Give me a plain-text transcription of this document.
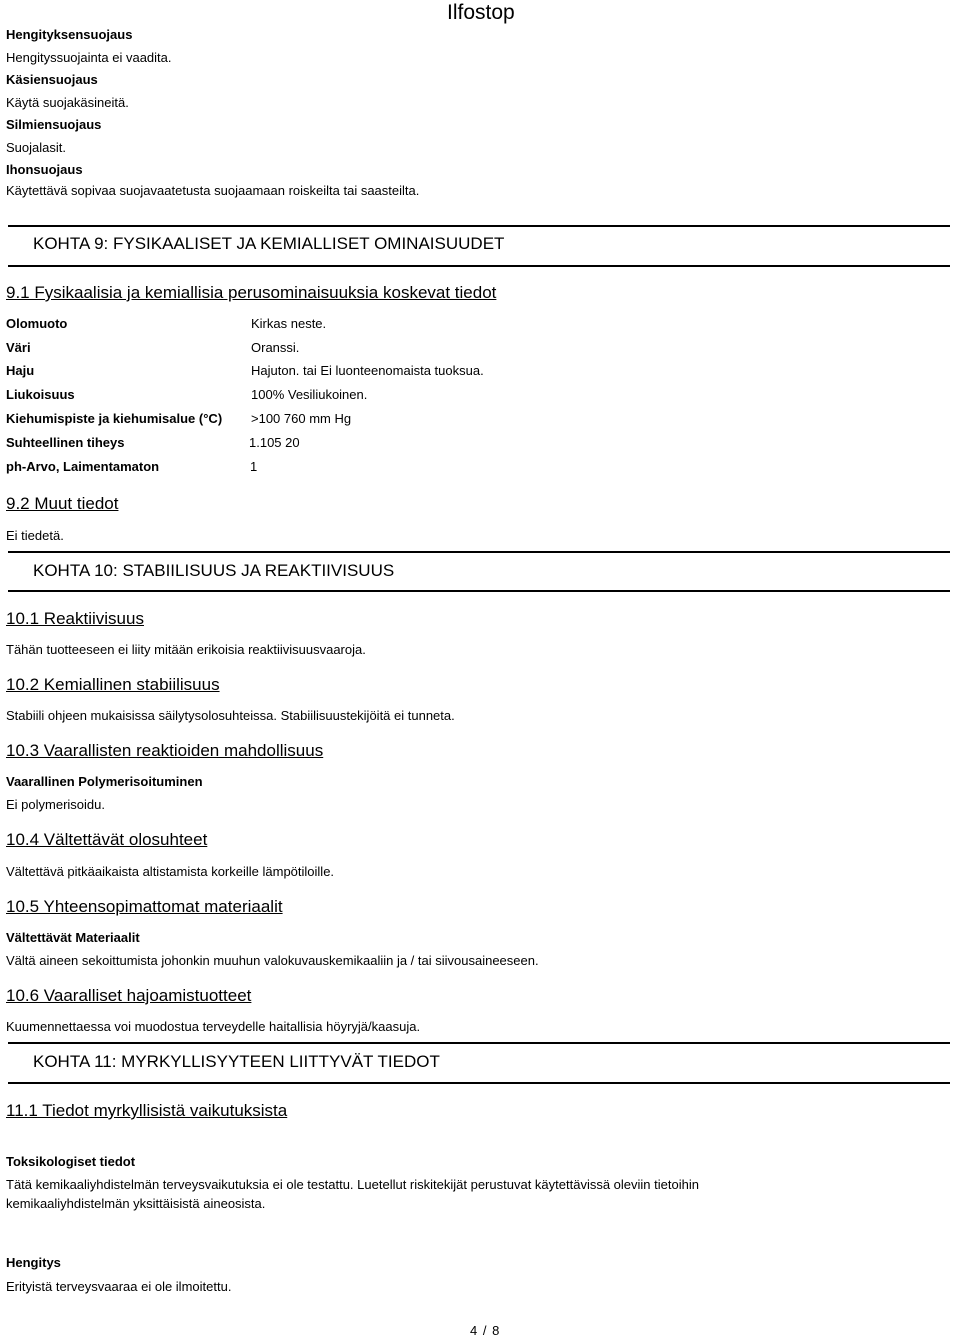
Ilfostop
Hengityksensuojaus
Hengityssuojainta ei vaadita.
Käsiensuojaus
Käytä suojakäsineitä.
Silmiensuojaus
Suojalasit.
Ihonsuojaus
Käytettävä sopivaa suojavaatetusta suojaamaan roiskeilta tai saasteilta.
KOHTA 9: FYSIKAALISET JA KEMIALLISET OMINAISUUDET
9.1 Fysikaalisia ja kemiallisia perusominaisuuksia koskevat tiedot
Olomuoto	Kirkas neste.
Väri	Oranssi.
Haju	Hajuton. tai Ei luonteenomaista tuoksua.
Liukoisuus	100% Vesiliukoinen.
Kiehumispiste ja kiehumisalue (°C) >100 760 mm Hg
Suhteellinen tiheys	1.105 20
ph-Arvo, Laimentamaton	1
9.2 Muut tiedot
Ei tiedetä.
KOHTA 10: STABIILISUUS JA REAKTIIVISUUS
10.1 Reaktiivisuus
Tähän tuotteeseen ei liity mitään erikoisia reaktiivisuusvaaroja.
10.2 Kemiallinen stabiilisuus
Stabiili ohjeen mukaisissa säilytysolosuhteissa. Stabiilisuustekijöitä ei tunneta.
10.3 Vaarallisten reaktioiden mahdollisuus
Vaarallinen Polymerisoituminen
Ei polymerisoidu.
10.4 Vältettävät olosuhteet
Vältettävä pitkäaikaista altistamista korkeille lämpötiloille.
10.5 Yhteensopimattomat materiaalit
Vältettävät Materiaalit
Vältä aineen sekoittumista johonkin muuhun valokuvauskemikaaliin ja / tai siivousaineeseen.
10.6 Vaaralliset hajoamistuotteet
Kuumennettaessa voi muodostua terveydelle haitallisia höyryjä/kaasuja.
KOHTA 11: MYRKYLLISYYTEEN LIITTYVÄT TIEDOT
11.1 Tiedot myrkyllisistä vaikutuksista
Toksikologiset tiedot
Tätä kemikaaliyhdistelmän terveysvaikutuksia ei ole testattu. Luetellut riskitekijät perustuvat käytettävissä oleviin tietoihin
kemikaaliyhdistelmän yksittäisistä aineosista.
Hengitys
Erityistä terveysvaaraa ei ole ilmoitettu.
4 / 8
